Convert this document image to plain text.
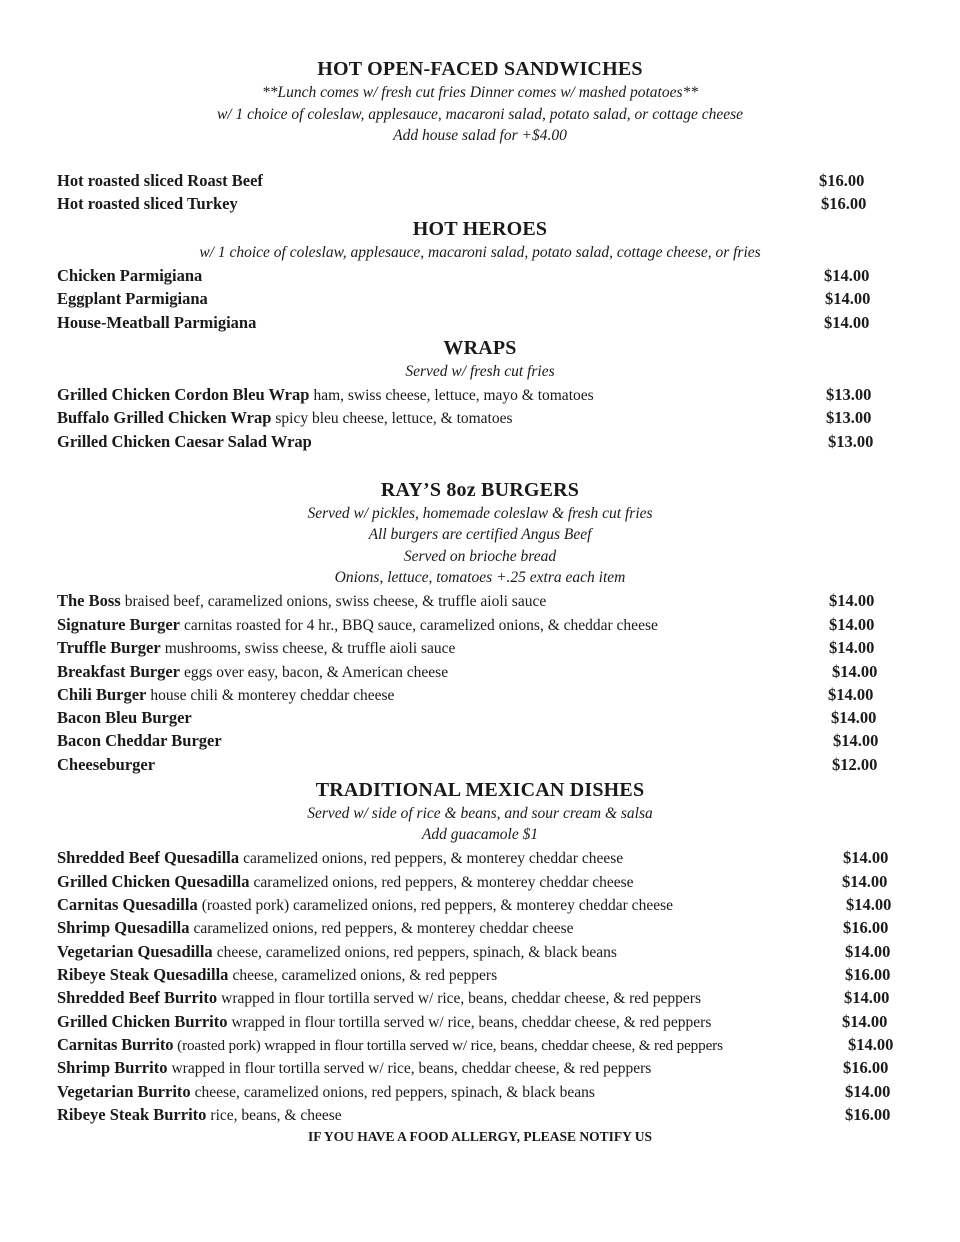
HOT OPEN-FACED SANDWICHES
**Lunch comes w/ fresh cut fries Dinner comes w/ mashed potatoes**
w/ 1 choice of coleslaw, applesauce, macaroni salad, potato salad, or cottage cheese
Add house salad for +$4.00
Hot roasted sliced Roast Beef	$16.00
Hot roasted sliced Turkey	$16.00
HOT HEROES
w/ 1 choice of coleslaw, applesauce, macaroni salad, potato salad, cottage cheese, or fries
Chicken Parmigiana	$14.00
Eggplant Parmigiana	$14.00
House-Meatball Parmigiana	$14.00
WRAPS
Served w/ fresh cut fries
Grilled Chicken Cordon Bleu Wrap ham, swiss cheese, lettuce, mayo & tomatoes	$13.00
Buffalo Grilled Chicken Wrap spicy bleu cheese, lettuce, & tomatoes	$13.00
Grilled Chicken Caesar Salad Wrap	$13.00
RAY’S 8oz BURGERS
Served w/ pickles, homemade coleslaw & fresh cut fries
All burgers are certified Angus Beef
Served on brioche bread
Onions, lettuce, tomatoes +.25 extra each item
The Boss braised beef, caramelized onions, swiss cheese, & truffle aioli sauce	$14.00
Signature Burger carnitas roasted for 4 hr., BBQ sauce, caramelized onions, & cheddar cheese	$14.00
Truffle Burger mushrooms, swiss cheese, & truffle aioli sauce	$14.00
Breakfast Burger eggs over easy, bacon, & American cheese	$14.00
Chili Burger house chili & monterey cheddar cheese	$14.00
Bacon Bleu Burger	$14.00
Bacon Cheddar Burger	$14.00
Cheeseburger	$12.00
TRADITIONAL MEXICAN DISHES
Served w/ side of rice & beans, and sour cream & salsa
Add guacamole $1
Shredded Beef Quesadilla caramelized onions, red peppers, & monterey cheddar cheese	$14.00
Grilled Chicken Quesadilla caramelized onions, red peppers, & monterey cheddar cheese	$14.00
Carnitas Quesadilla (roasted pork) caramelized onions, red peppers, & monterey cheddar cheese	$14.00
Shrimp Quesadilla caramelized onions, red peppers, & monterey cheddar cheese	$16.00
Vegetarian Quesadilla cheese, caramelized onions, red peppers, spinach, & black beans	$14.00
Ribeye Steak Quesadilla cheese, caramelized onions, & red peppers	$16.00
Shredded Beef Burrito wrapped in flour tortilla served w/ rice, beans, cheddar cheese, & red peppers	$14.00
Grilled Chicken Burrito wrapped in flour tortilla served w/ rice, beans, cheddar cheese, & red peppers	$14.00
Carnitas Burrito (roasted pork) wrapped in flour tortilla served w/ rice, beans, cheddar cheese, & red peppers	$14.00
Shrimp Burrito wrapped in flour tortilla served w/ rice, beans, cheddar cheese, & red peppers	$16.00
Vegetarian Burrito cheese, caramelized onions, red peppers, spinach, & black beans	$14.00
Ribeye Steak Burrito rice, beans, & cheese	$16.00
IF YOU HAVE A FOOD ALLERGY, PLEASE NOTIFY US
